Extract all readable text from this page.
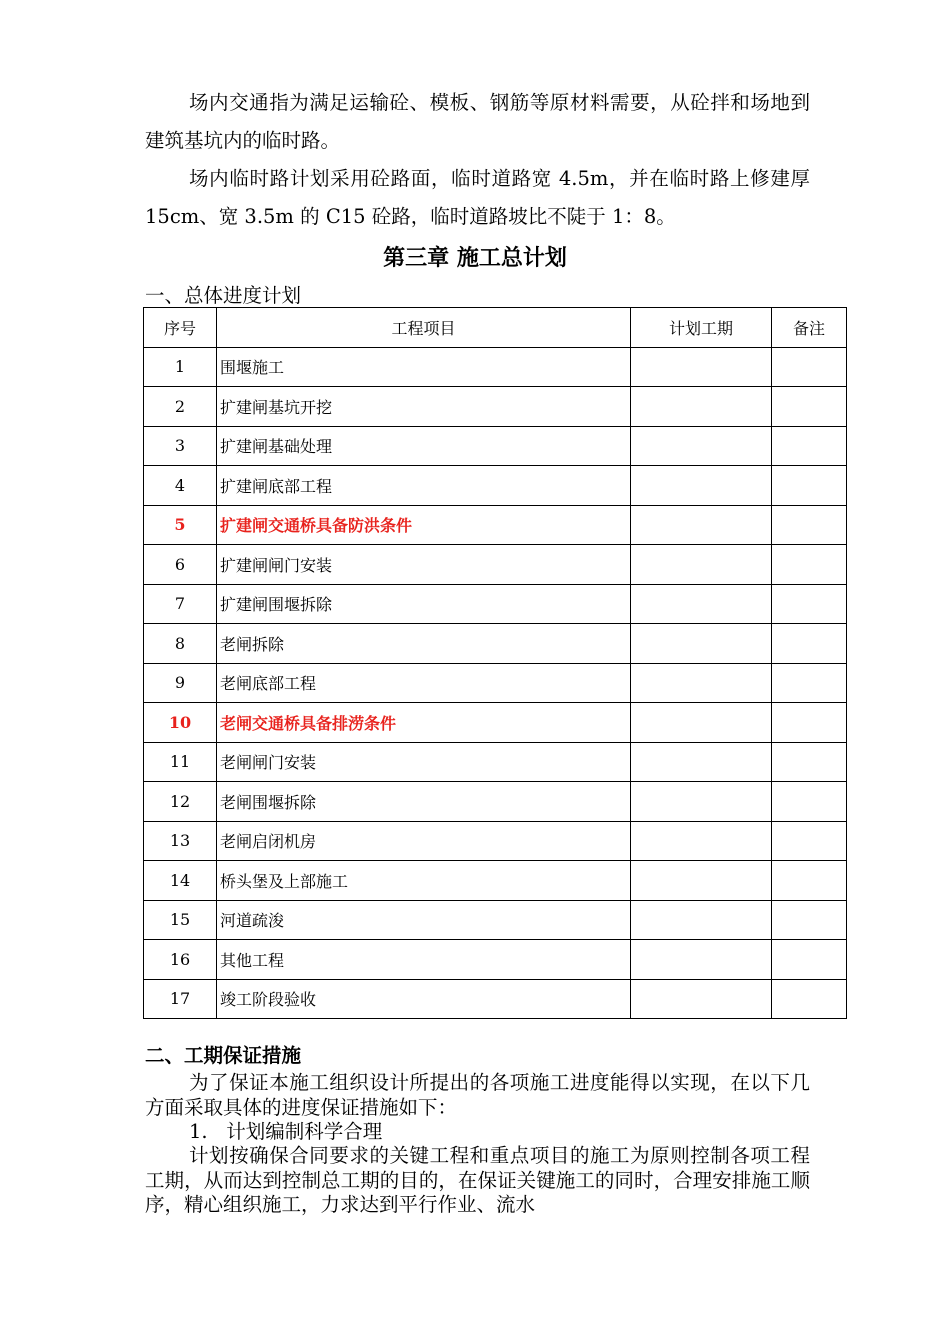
场内交通指为满足运输砼、模板、钢筋等原材料需要，从砼拌和场地到建筑基坑内的临时路。

场内临时路计划采用砼路面，临时道路宽 4.5m，并在临时路上修建厚 15cm、宽 3.5m 的 C15 砼路，临时道路坡比不陡于 1：8。

第三章 施工总计划
一、总体进度计划
序号	工程项目	计划工期	备注
1	围堰施工		
2	扩建闸基坑开挖		
3	扩建闸基础处理		
4	扩建闸底部工程		
5	扩建闸交通桥具备防洪条件		
6	扩建闸闸门安装		
7	扩建闸围堰拆除		
8	老闸拆除		
9	老闸底部工程		
10	老闸交通桥具备排涝条件		
11	老闸闸门安装		
12	老闸围堰拆除		
13	老闸启闭机房		
14	桥头堡及上部施工		
15	河道疏浚		
16	其他工程		
17	竣工阶段验收		
二、工期保证措施

为了保证本施工组织设计所提出的各项施工进度能得以实现，在以下几方面采取具体的进度保证措施如下：

1.   计划编制科学合理

计划按确保合同要求的关键工程和重点项目的施工为原则控制各项工程工期，从而达到控制总工期的目的，在保证关键施工的同时，合理安排施工顺序，精心组织施工，力求达到平行作业、流水
